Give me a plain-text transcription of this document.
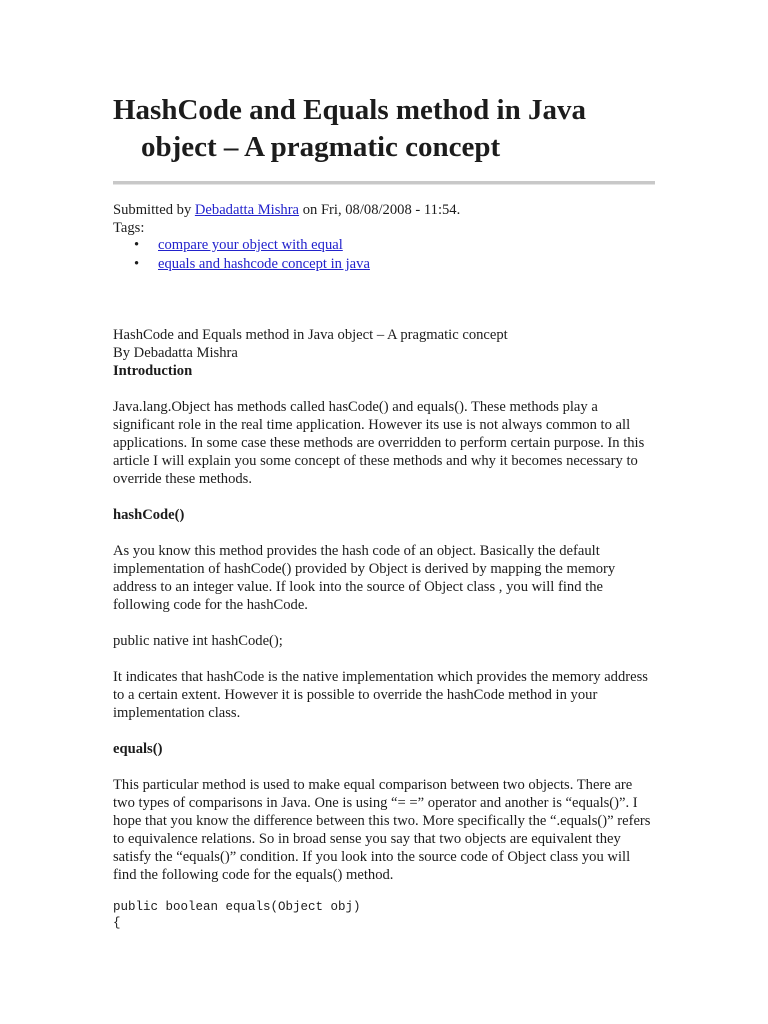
HashCode and Equals method in Java
object – A pragmatic concept

Submitted by Debadatta Mishra on Fri, 08/08/2008 - 11:54.

Tags:

• compare your object with equal
• equals and hashcode concept in java

HashCode and Equals method in Java object – A pragmatic concept

By Debadatta Mishra

Introduction

Java.lang.Object has methods called hasCode() and equals(). These methods play a significant role in the real time application. However its use is not always common to all applications. In some case these methods are overridden to perform certain purpose. In this article I will explain you some concept of these methods and why it becomes necessary to override these methods.

hashCode()

As you know this method provides the hash code of an object. Basically the default implementation of hashCode() provided by Object is derived by mapping the memory address to an integer value. If look into the source of Object class , you will find the following code for the hashCode.

public native int hashCode();

It indicates that hashCode is the native implementation which provides the memory address to a certain extent. However it is possible to override the hashCode method in your implementation class.

equals()

This particular method is used to make equal comparison between two objects. There are two types of comparisons in Java. One is using “= =” operator and another is “equals()”. I hope that you know the difference between this two. More specifically the “.equals()” refers to equivalence relations. So in broad sense you say that two objects are equivalent they satisfy the “equals()” condition. If you look into the source code of Object class you will find the following code for the equals() method.

public boolean equals(Object obj)

{
